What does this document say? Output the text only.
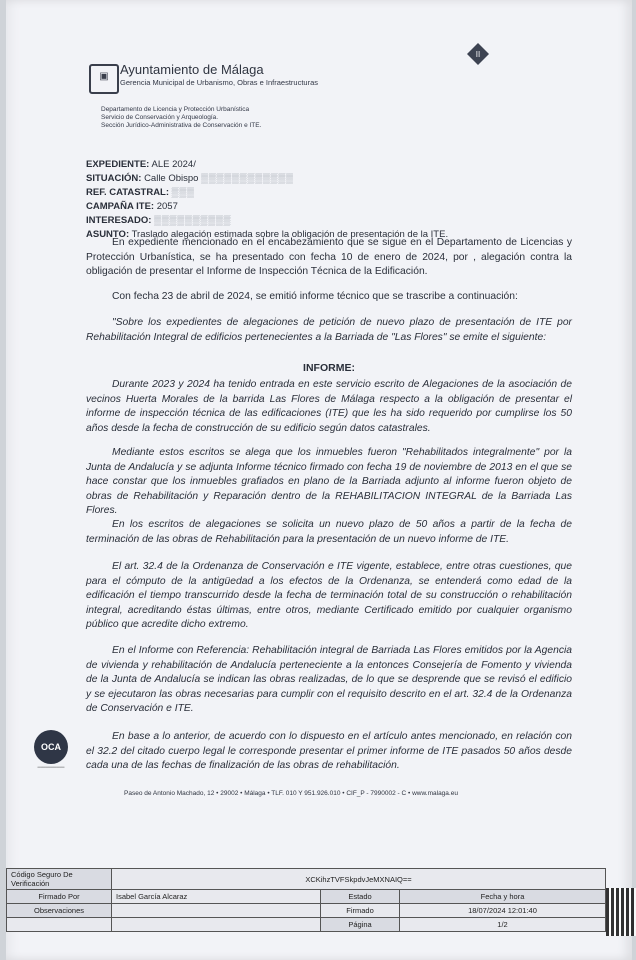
▣ Ayuntamiento de Málaga
Gerencia Municipal de Urbanismo, Obras e Infraestructuras
II
Departamento de Licencia y Protección Urbanística
Servicio de Conservación y Arqueología.
Sección Jurídico-Administrativa de Conservación e ITE.
EXPEDIENTE: ALE 2024/
SITUACIÓN: Calle Obispo ▒▒▒▒▒▒▒▒▒▒▒▒
REF. CATASTRAL: ▒▒▒
CAMPAÑA ITE: 2057
INTERESADO: ▒▒▒▒▒▒▒▒▒▒
ASUNTO: Traslado alegación estimada sobre la obligación de presentación de la ITE.
En expediente mencionado en el encabezamiento que se sigue en el Departamento de Licencias y Protección Urbanística, se ha presentado con fecha 10 de enero de 2024, por , alegación contra la obligación de presentar el Informe de Inspección Técnica de la Edificación.
Con fecha 23 de abril de 2024, se emitió informe técnico que se trascribe a continuación:
"Sobre los expedientes de alegaciones de petición de nuevo plazo de presentación de ITE por Rehabilitación Integral de edificios pertenecientes a la Barriada de "Las Flores" se emite el siguiente:
INFORME:
Durante 2023 y 2024 ha tenido entrada en este servicio escrito de Alegaciones de la asociación de vecinos Huerta Morales de la barrida Las Flores de Málaga respecto a la obligación de presentar el informe de inspección técnica de las edificaciones (ITE) que les ha sido requerido por cumplirse los 50 años desde la fecha de construcción de su edificio según datos catastrales.
Mediante estos escritos se alega que los inmuebles fueron "Rehabilitados integralmente" por la Junta de Andalucía y se adjunta Informe técnico firmado con fecha 19 de noviembre de 2013 en el que se hace constar que los inmuebles grafiados en plano de la Barriada adjunto al informe fueron objeto de obras de Rehabilitación y Reparación dentro de la REHABILITACION INTEGRAL de la Barriada Las Flores.
En los escritos de alegaciones se solicita un nuevo plazo de 50 años a partir de la fecha de terminación de las obras de Rehabilitación para la presentación de un nuevo informe de ITE.
El art. 32.4 de la Ordenanza de Conservación e ITE vigente, establece, entre otras cuestiones, que para el cómputo de la antigüedad a los efectos de la Ordenanza, se entenderá como edad de la edificación el tiempo transcurrido desde la fecha de terminación total de su construcción o rehabilitación integral, acreditando éstas últimas, entre otros, mediante Certificado emitido por cualquier organismo público que acredite dicho extremo.
En el Informe con Referencia: Rehabilitación integral de Barriada Las Flores emitidos por la Agencia de vivienda y rehabilitación de Andalucía perteneciente a la entonces Consejería de Fomento y vivienda de la Junta de Andalucía se indican las obras realizadas, de lo que se desprende que se revisó el edificio y se ejecutaron las obras necesarias para cumplir con el requisito descrito en el art. 32.4 de la Ordenanza de Conservación e ITE.
En base a lo anterior, de acuerdo con lo dispuesto en el artículo antes mencionado, en relación con el 32.2 del citado cuerpo legal le corresponde presentar el primer informe de ITE pasados 50 años desde cada una de las fechas de finalización de las obras de rehabilitación.
OCA
▔▔▔▔▔▔▔▔▔▔
Paseo de Antonio Machado, 12 • 29002 • Málaga • TLF. 010 Y 951.926.010 • CIF_P - 7990002 - C • www.malaga.eu
Código Seguro De Verificación	XCKihzTVFSkpdvJeMXNAIQ==		
Firmado Por	Isabel García Alcaraz	Estado	Fecha y hora
Observaciones		Firmado	18/07/2024 12:01:40
		Página	1/2
